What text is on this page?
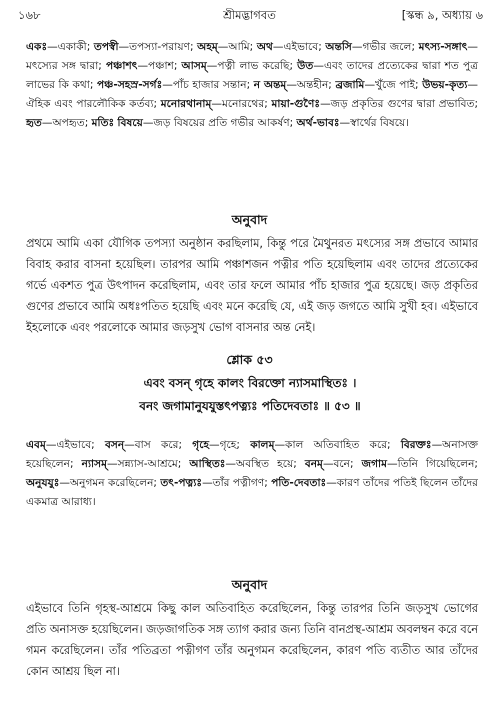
১৬৮	শ্রীমদ্ভাগবত	[স্কন্ধ ৯, অধ্যায় ৬

একঃ—একাকী; তপস্বী—তপস্যা-পরায়ণ; অহম্—আমি; অথ—এইভাবে; অন্তসি—গভীর জলে; মৎস্য-সঙ্গাৎ—মৎস্যের সঙ্গ দ্বারা; পঞ্চাশৎ—পঞ্চাশ; আসম্—পত্নী লাভ করেছি; উত—এবং তাদের প্রত্যেকের দ্বারা শত পুত্র লাভের কি কথা; পঞ্চ-সহস্র-সর্গঃ—পাঁচ হাজার সন্তান; ন অন্তম্—অন্তহীন; ব্রজামি—খুঁজে পাই; উভয়-কৃত্য—ঐহিক এবং পারলৌকিক কর্তব্য; মনোরথানাম্—মনোরথের; মায়া-গুণৈঃ—জড় প্রকৃতির গুণের দ্বারা প্রভাবিত; হৃত—অপহৃত; মতিঃ বিষয়ে—জড় বিষয়ের প্রতি গভীর আকর্ষণ; অর্থ-ভাবঃ—স্বার্থের বিষয়ে।

অনুবাদ

প্রথমে আমি একা যৌগিক তপস্যা অনুষ্ঠান করছিলাম, কিন্তু পরে মৈথুনরত মৎস্যের সঙ্গ প্রভাবে আমার বিবাহ করার বাসনা হয়েছিল। তারপর আমি পঞ্চাশজন পত্নীর পতি হয়েছিলাম এবং তাদের প্রত্যেকের গর্ভে একশত পুত্র উৎপাদন করেছিলাম, এবং তার ফলে আমার পাঁচ হাজার পুত্র হয়েছে। জড় প্রকৃতির গুণের প্রভাবে আমি অধঃপতিত হয়েছি এবং মনে করেছি যে, এই জড় জগতে আমি সুখী হব। এইভাবে ইহলোকে এবং পরলোকে আমার জড়সুখ ভোগ বাসনার অন্ত নেই।

শ্লোক ৫৩
এবং বসন্ গৃহে কালং বিরক্তো ন্যাসমাস্থিতঃ ।
বনং জগামানুযযুস্তৎপত্ন্যঃ পতিদেবতাঃ ॥ ৫৩ ॥

এবম্—এইভাবে; বসন্—বাস করে; গৃহে—গৃহে; কালম্—কাল অতিবাহিত করে; বিরক্তঃ—অনাসক্ত হয়েছিলেন; ন্যাসম্—সন্ন্যাস-আশ্রমে; আস্থিতঃ—অবস্থিত হয়ে; বনম্—বনে; জগাম—তিনি গিয়েছিলেন; অনুযযুঃ—অনুগমন করেছিলেন; তৎ-পত্ন্যঃ—তাঁর পত্নীগণ; পতি-দেবতাঃ—কারণ তাঁদের পতিই ছিলেন তাঁদের একমাত্র আরাধ্য।

অনুবাদ

এইভাবে তিনি গৃহস্থ-আশ্রমে কিছু কাল অতিবাহিত করেছিলেন, কিন্তু তারপর তিনি জড়সুখ ভোগের প্রতি অনাসক্ত হয়েছিলেন। জড়জাগতিক সঙ্গ ত্যাগ করার জন্য তিনি বানপ্রস্থ-আশ্রম অবলম্বন করে বনে গমন করেছিলেন। তাঁর পতিব্রতা পত্নীগণ তাঁর অনুগমন করেছিলেন, কারণ পতি ব্যতীত আর তাঁদের কোন আশ্রয় ছিল না।
